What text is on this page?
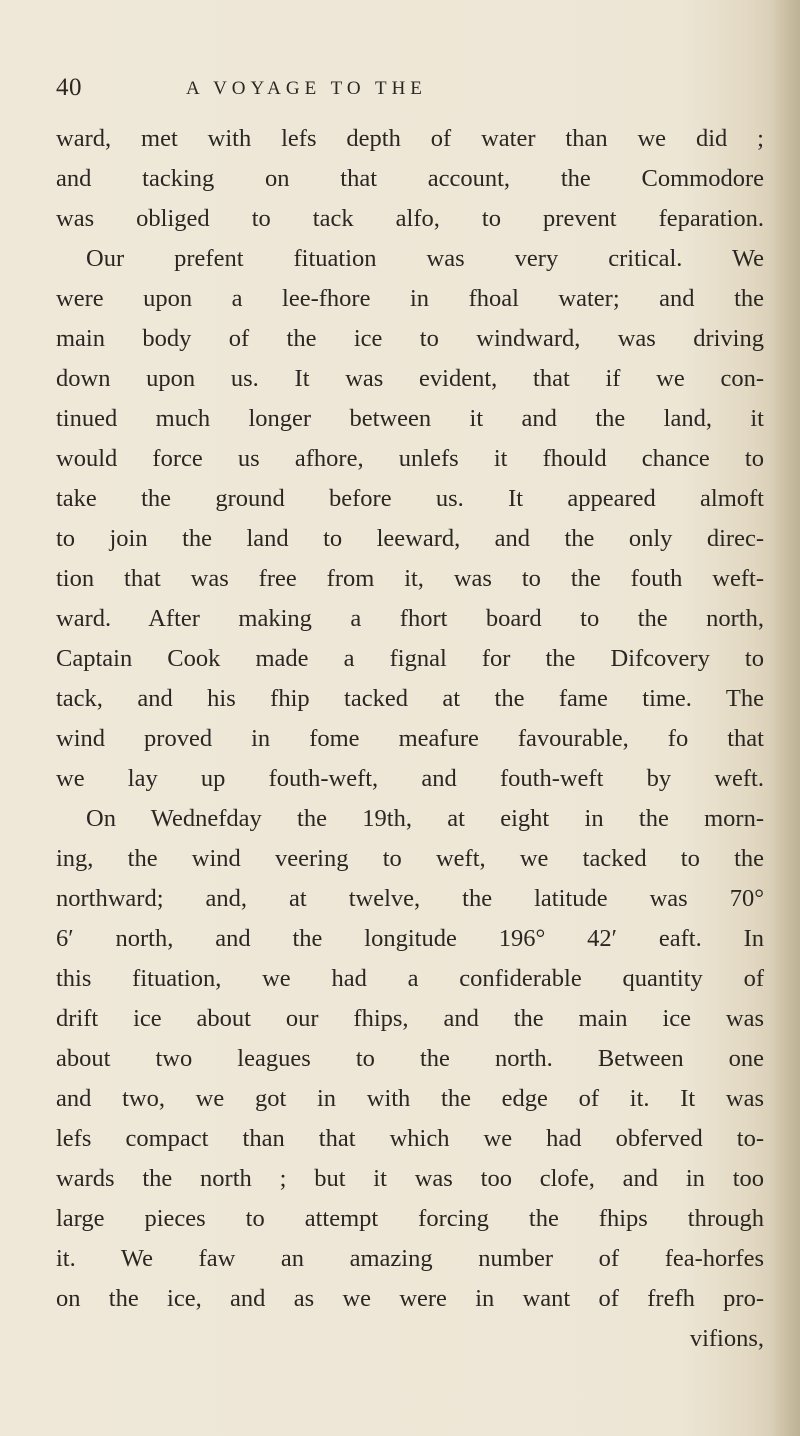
40	A VOYAGE TO THE
ward, met with lefs depth of water than we did ;
and tacking on that account, the Commodore
was obliged to tack alfo, to prevent feparation.
Our prefent fituation was very critical. We
were upon a lee-fhore in fhoal water; and the
main body of the ice to windward, was driving
down upon us. It was evident, that if we con-
tinued much longer between it and the land, it
would force us afhore, unlefs it fhould chance to
take the ground before us. It appeared almoft
to join the land to leeward, and the only direc-
tion that was free from it, was to the fouth weft-
ward. After making a fhort board to the north,
Captain Cook made a fignal for the Difcovery to
tack, and his fhip tacked at the fame time. The
wind proved in fome meafure favourable, fo that
we lay up fouth-weft, and fouth-weft by weft.
On Wednefday the 19th, at eight in the morn-
ing, the wind veering to weft, we tacked to the
northward; and, at twelve, the latitude was 70°
6′ north, and the longitude 196° 42′ eaft. In
this fituation, we had a confiderable quantity of
drift ice about our fhips, and the main ice was
about two leagues to the north. Between one
and two, we got in with the edge of it. It was
lefs compact than that which we had obferved to-
wards the north ; but it was too clofe, and in too
large pieces to attempt forcing the fhips through
it. We faw an amazing number of fea-horfes
on the ice, and as we were in want of frefh pro-
vifions,
